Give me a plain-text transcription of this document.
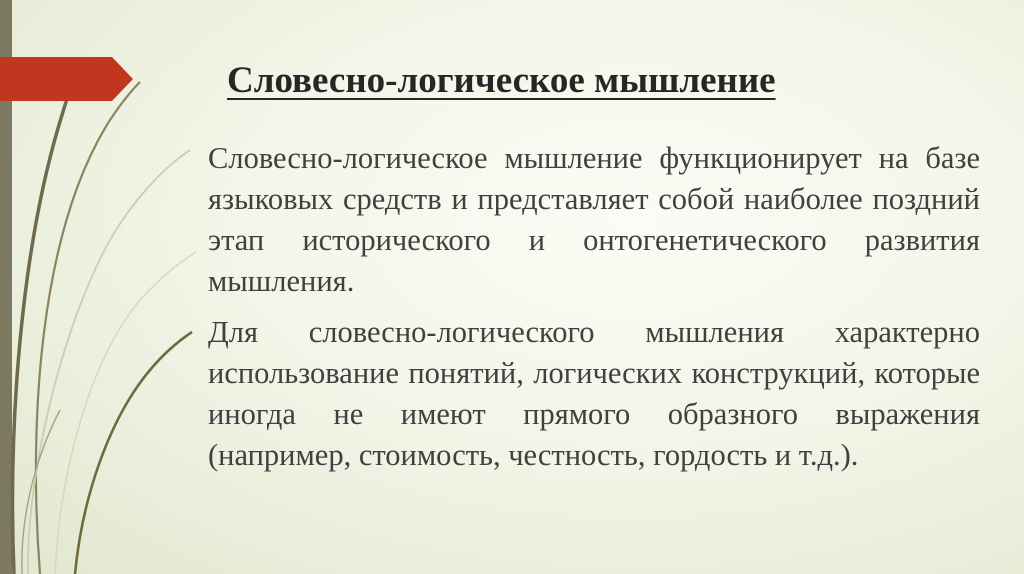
Словесно-логическое мышление

Словесно-логическое мышление функционирует на базе языковых средств и представляет собой наиболее поздний этап исторического и онтогенетического развития мышления.

Для словесно-логического мышления характерно использование понятий, логических конструкций, которые иногда не имеют прямого образного выражения (например, стоимость, честность, гордость и т.д.).
